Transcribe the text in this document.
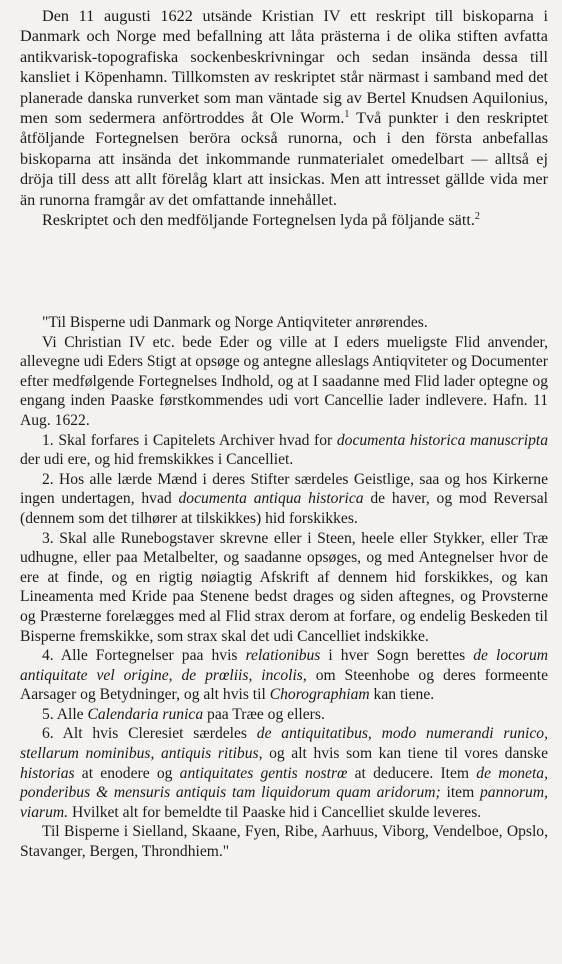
Den 11 augusti 1622 utsände Kristian IV ett reskript till biskoparna i Danmark och Norge med befallning att låta prästerna i de olika stiften avfatta antikvarisk-topografiska sockenbeskrivningar och sedan insända dessa till kansliet i Köpenhamn. Tillkomsten av reskriptet står närmast i samband med det planerade danska runverket som man väntade sig av Bertel Knudsen Aquilonius, men som sedermera anförtroddes åt Ole Worm.$^1$ Två punkter i den reskriptet åtföljande Fortegnelsen beröra också runorna, och i den första anbefallas biskoparna att insända det inkommande runmaterialet omedelbart — alltså ej dröja till dess att allt förelåg klart att insickas. Men att intresset gällde vida mer än runorna framgår av det omfattande innehållet.

Reskriptet och den medföljande Fortegnelsen lyda på följande sätt.$^2$

"Til Bisperne udi Danmark og Norge Antiqviteter anrørendes.

Vi Christian IV etc. bede Eder og ville at I eders mueligste Flid anvender, allevegne udi Eders Stigt at opsøge og antegne alleslags Antiqviteter og Documenter efter medfølgende Fortegnelses Indhold, og at I saadanne med Flid lader optegne og engang inden Paaske førstkommendes udi vort Cancellie lader indlevere. Hafn. 11 Aug. 1622.

1. Skal forfares i Capitelets Archiver hvad for documenta historica manuscripta der udi ere, og hid fremskikkes i Cancelliet.

2. Hos alle lærde Mænd i deres Stifter særdeles Geistlige, saa og hos Kirkerne ingen undertagen, hvad documenta antiqua historica de haver, og mod Reversal (dennem som det tilhører at tilskikkes) hid forskikkes.

3. Skal alle Runebogstaver skrevne eller i Steen, heele eller Stykker, eller Træ udhugne, eller paa Metalbelter, og saadanne opsøges, og med Antegnelser hvor de ere at finde, og en rigtig nøiagtig Afskrift af dennem hid forskikkes, og kan Lineamenta med Kride paa Stenene bedst drages og siden aftegnes, og Provsterne og Præsterne forelægges med al Flid strax derom at forfare, og endelig Beskeden til Bisperne fremskikke, som strax skal det udi Cancelliet indskikke.

4. Alle Fortegnelser paa hvis relationibus i hver Sogn berettes de locorum antiquitate vel origine, de prœliis, incolis, om Steenhobe og deres formeente Aarsager og Betydninger, og alt hvis til Chorographiam kan tiene.

5. Alle Calendaria runica paa Træe og ellers.

6. Alt hvis Cleresiet særdeles de antiquitatibus, modo numerandi runico, stellarum nominibus, antiquis ritibus, og alt hvis som kan tiene til vores danske historias at enodere og antiquitates gentis nostrœ at deducere. Item de moneta, ponderibus & mensuris antiquis tam liquidorum quam aridorum; item pannorum, viarum. Hvilket alt for bemeldte til Paaske hid i Cancelliet skulde leveres.

Til Bisperne i Sielland, Skaane, Fyen, Ribe, Aarhuus, Viborg, Vendelboe, Opslo, Stavanger, Bergen, Throndhiem."
